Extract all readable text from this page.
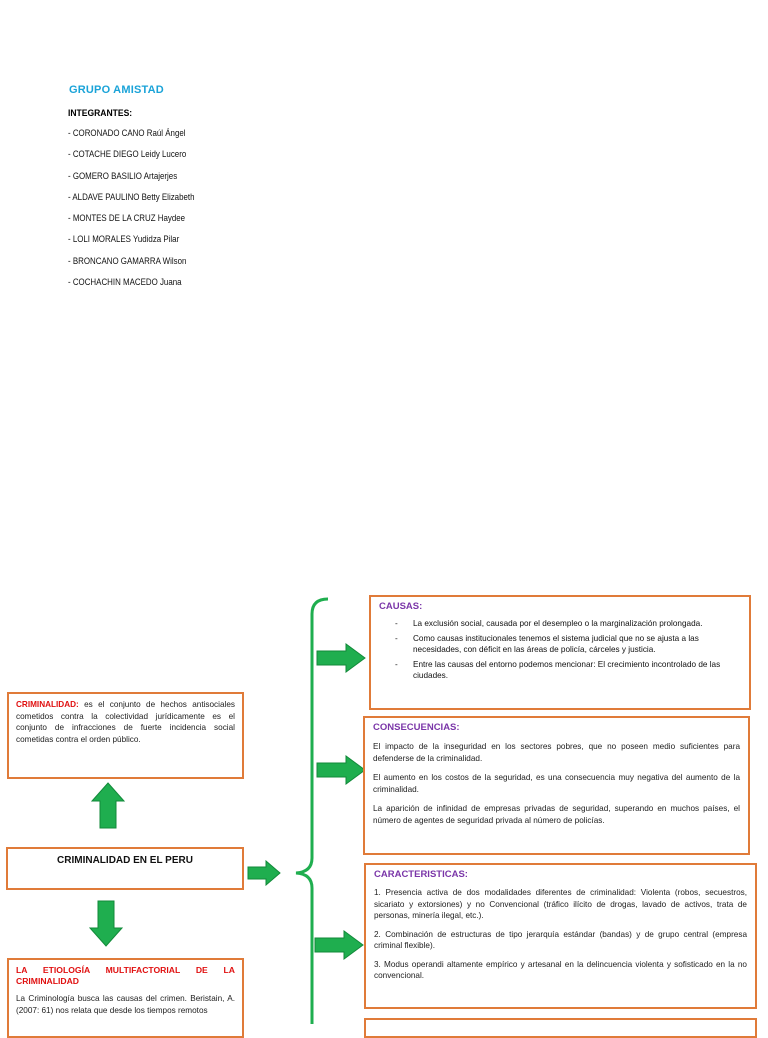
GRUPO AMISTAD
INTEGRANTES:
- CORONADO CANO Raúl Ángel
- COTACHE DIEGO Leidy Lucero
- GOMERO BASILIO Artajerjes
- ALDAVE PAULINO Betty Elizabeth
- MONTES DE LA CRUZ Haydee
- LOLI MORALES Yudidza Pilar
- BRONCANO GAMARRA Wilson
- COCHACHIN MACEDO Juana
CRIMINALIDAD: es el conjunto de hechos antisociales cometidos contra la colectividad jurídicamente es el conjunto de infracciones de fuerte incidencia social cometidas contra el orden público.
CRIMINALIDAD EN EL PERU
LA ETIOLOGÍA MULTIFACTORIAL DE LA CRIMINALIDAD
La Criminología busca las causas del crimen. Beristain, A. (2007: 61) nos relata que desde los tiempos remotos
CAUSAS:
- La exclusión social, causada por el desempleo o la marginalización prolongada.
- Como causas institucionales tenemos el sistema judicial que no se ajusta a las necesidades, con déficit en las áreas de policía, cárceles y justicia.
- Entre las causas del entorno podemos mencionar: El crecimiento incontrolado de las ciudades.
CONSECUENCIAS:

El impacto de la inseguridad en los sectores pobres, que no poseen medio suficientes para defenderse de la criminalidad.

El aumento en los costos de la seguridad, es una consecuencia muy negativa del aumento de la criminalidad.

La aparición de infinidad de empresas privadas de seguridad, superando en muchos países, el número de agentes de seguridad privada al número de policías.

CARACTERISTICAS:

1. Presencia activa de dos modalidades diferentes de criminalidad: Violenta (robos, secuestros, sicariato y extorsiones) y no Convencional (tráfico ilícito de drogas, lavado de activos, trata de personas, minería ilegal, etc.).

2. Combinación de estructuras de tipo jerarquía estándar (bandas) y de grupo central (empresa criminal flexible).

3. Modus operandi altamente empírico y artesanal en la delincuencia violenta y sofisticado en la no convencional.
